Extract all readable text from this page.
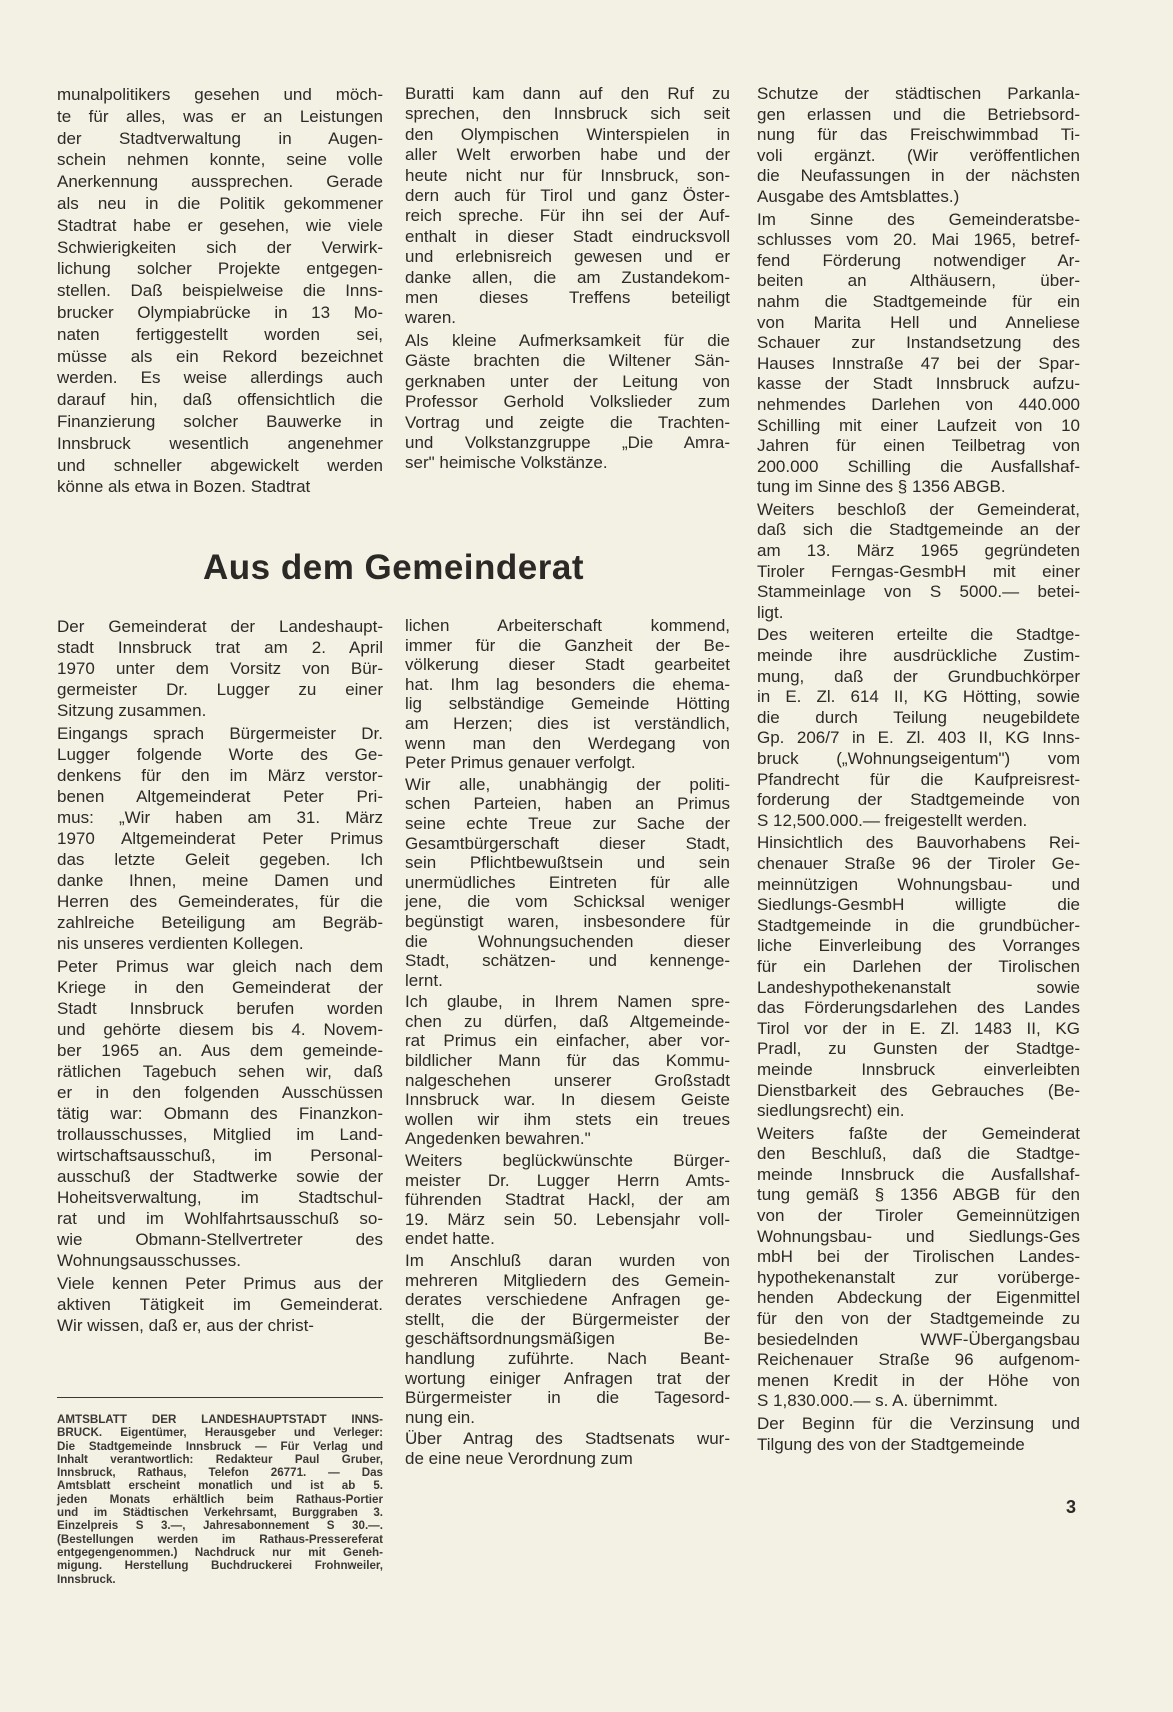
Aus dem Gemeinderat
munalpolitikers gesehen und möch-
te für alles, was er an Leistungen
der Stadtverwaltung in Augen-
schein nehmen konnte, seine volle
Anerkennung aussprechen. Gerade
als neu in die Politik gekommener
Stadtrat habe er gesehen, wie viele
Schwierigkeiten sich der Verwirk-
lichung solcher Projekte entgegen-
stellen. Daß beispielweise die Inns-
brucker Olympiabrücke in 13 Mo-
naten fertiggestellt worden sei,
müsse als ein Rekord bezeichnet
werden. Es weise allerdings auch
darauf hin, daß offensichtlich die
Finanzierung solcher Bauwerke in
Innsbruck wesentlich angenehmer
und schneller abgewickelt werden
könne als etwa in Bozen. Stadtrat
Buratti kam dann auf den Ruf zu
sprechen, den Innsbruck sich seit
den Olympischen Winterspielen in
aller Welt erworben habe und der
heute nicht nur für Innsbruck, son-
dern auch für Tirol und ganz Öster-
reich spreche. Für ihn sei der Auf-
enthalt in dieser Stadt eindrucksvoll
und erlebnisreich gewesen und er
danke allen, die am Zustandekom-
men dieses Treffens beteiligt
waren.
Als kleine Aufmerksamkeit für die
Gäste brachten die Wiltener Sän-
gerknaben unter der Leitung von
Professor Gerhold Volkslieder zum
Vortrag und zeigte die Trachten-
und Volkstanzgruppe „Die Amra-
ser" heimische Volkstänze.
Der Gemeinderat der Landeshaupt-
stadt Innsbruck trat am 2. April
1970 unter dem Vorsitz von Bür-
germeister Dr. Lugger zu einer
Sitzung zusammen.
Eingangs sprach Bürgermeister Dr.
Lugger folgende Worte des Ge-
denkens für den im März verstor-
benen Altgemeinderat Peter Pri-
mus: „Wir haben am 31. März
1970 Altgemeinderat Peter Primus
das letzte Geleit gegeben. Ich
danke Ihnen, meine Damen und
Herren des Gemeinderates, für die
zahlreiche Beteiligung am Begräb-
nis unseres verdienten Kollegen.
Peter Primus war gleich nach dem
Kriege in den Gemeinderat der
Stadt Innsbruck berufen worden
und gehörte diesem bis 4. Novem-
ber 1965 an. Aus dem gemeinde-
rätlichen Tagebuch sehen wir, daß
er in den folgenden Ausschüssen
tätig war: Obmann des Finanzkon-
trollausschusses, Mitglied im Land-
wirtschaftsausschuß, im Personal-
ausschuß der Stadtwerke sowie der
Hoheitsverwaltung, im Stadtschul-
rat und im Wohlfahrtsausschuß so-
wie Obmann-Stellvertreter des
Wohnungsausschusses.
Viele kennen Peter Primus aus der
aktiven Tätigkeit im Gemeinderat.
Wir wissen, daß er, aus der christ-
lichen Arbeiterschaft kommend,
immer für die Ganzheit der Be-
völkerung dieser Stadt gearbeitet
hat. Ihm lag besonders die ehema-
lig selbständige Gemeinde Hötting
am Herzen; dies ist verständlich,
wenn man den Werdegang von
Peter Primus genauer verfolgt.
Wir alle, unabhängig der politi-
schen Parteien, haben an Primus
seine echte Treue zur Sache der
Gesamtbürgerschaft dieser Stadt,
sein Pflichtbewußtsein und sein
unermüdliches Eintreten für alle
jene, die vom Schicksal weniger
begünstigt waren, insbesondere für
die Wohnungsuchenden dieser
Stadt, schätzen- und kennenge-
lernt.
Ich glaube, in Ihrem Namen spre-
chen zu dürfen, daß Altgemeinde-
rat Primus ein einfacher, aber vor-
bildlicher Mann für das Kommu-
nalgeschehen unserer Großstadt
Innsbruck war. In diesem Geiste
wollen wir ihm stets ein treues
Angedenken bewahren."
Weiters beglückwünschte Bürger-
meister Dr. Lugger Herrn Amts-
führenden Stadtrat Hackl, der am
19. März sein 50. Lebensjahr voll-
endet hatte.
Im Anschluß daran wurden von
mehreren Mitgliedern des Gemein-
derates verschiedene Anfragen ge-
stellt, die der Bürgermeister der
geschäftsordnungsmäßigen Be-
handlung zuführte. Nach Beant-
wortung einiger Anfragen trat der
Bürgermeister in die Tagesord-
nung ein.
Über Antrag des Stadtsenats wur-
de eine neue Verordnung zum
Schutze der städtischen Parkanla-
gen erlassen und die Betriebsord-
nung für das Freischwimmbad Ti-
voli ergänzt. (Wir veröffentlichen
die Neufassungen in der nächsten
Ausgabe des Amtsblattes.)
Im Sinne des Gemeinderatsbe-
schlusses vom 20. Mai 1965, betref-
fend Förderung notwendiger Ar-
beiten an Althäusern, über-
nahm die Stadtgemeinde für ein
von Marita Hell und Anneliese
Schauer zur Instandsetzung des
Hauses Innstraße 47 bei der Spar-
kasse der Stadt Innsbruck aufzu-
nehmendes Darlehen von 440.000
Schilling mit einer Laufzeit von 10
Jahren für einen Teilbetrag von
200.000 Schilling die Ausfallshaf-
tung im Sinne des § 1356 ABGB.
Weiters beschloß der Gemeinderat,
daß sich die Stadtgemeinde an der
am 13. März 1965 gegründeten
Tiroler Ferngas-GesmbH mit einer
Stammeinlage von S 5000.— betei-
ligt.
Des weiteren erteilte die Stadtge-
meinde ihre ausdrückliche Zustim-
mung, daß der Grundbuchkörper
in E. Zl. 614 II, KG Hötting, sowie
die durch Teilung neugebildete
Gp. 206/7 in E. Zl. 403 II, KG Inns-
bruck („Wohnungseigentum") vom
Pfandrecht für die Kaufpreisrest-
forderung der Stadtgemeinde von
S 12,500.000.— freigestellt werden.
Hinsichtlich des Bauvorhabens Rei-
chenauer Straße 96 der Tiroler Ge-
meinnützigen Wohnungsbau- und
Siedlungs-GesmbH willigte die
Stadtgemeinde in die grundbücher-
liche Einverleibung des Vorranges
für ein Darlehen der Tirolischen
Landeshypothekenanstalt sowie
das Förderungsdarlehen des Landes
Tirol vor der in E. Zl. 1483 II, KG
Pradl, zu Gunsten der Stadtge-
meinde Innsbruck einverleibten
Dienstbarkeit des Gebrauches (Be-
siedlungsrecht) ein.
Weiters faßte der Gemeinderat
den Beschluß, daß die Stadtge-
meinde Innsbruck die Ausfallshaf-
tung gemäß § 1356 ABGB für den
von der Tiroler Gemeinnützigen
Wohnungsbau- und Siedlungs-Ges
mbH bei der Tirolischen Landes-
hypothekenanstalt zur vorüberge-
henden Abdeckung der Eigenmittel
für den von der Stadtgemeinde zu
besiedelnden WWF-Übergangsbau
Reichenauer Straße 96 aufgenom-
menen Kredit in der Höhe von
S 1,830.000.— s. A. übernimmt.
Der Beginn für die Verzinsung und
Tilgung des von der Stadtgemeinde
AMTSBLATT DER LANDESHAUPTSTADT INNS-
BRUCK. Eigentümer, Herausgeber und Verleger:
Die Stadtgemeinde Innsbruck — Für Verlag und
Inhalt verantwortlich: Redakteur Paul Gruber,
Innsbruck, Rathaus, Telefon 26771. — Das
Amtsblatt erscheint monatlich und ist ab 5.
jeden Monats erhältlich beim Rathaus-Portier
und im Städtischen Verkehrsamt, Burggraben 3.
Einzelpreis S 3.—, Jahresabonnement S 30.—.
(Bestellungen werden im Rathaus-Pressereferat
entgegengenommen.) Nachdruck nur mit Geneh-
migung. Herstellung Buchdruckerei Frohnweiler,
Innsbruck.
3
